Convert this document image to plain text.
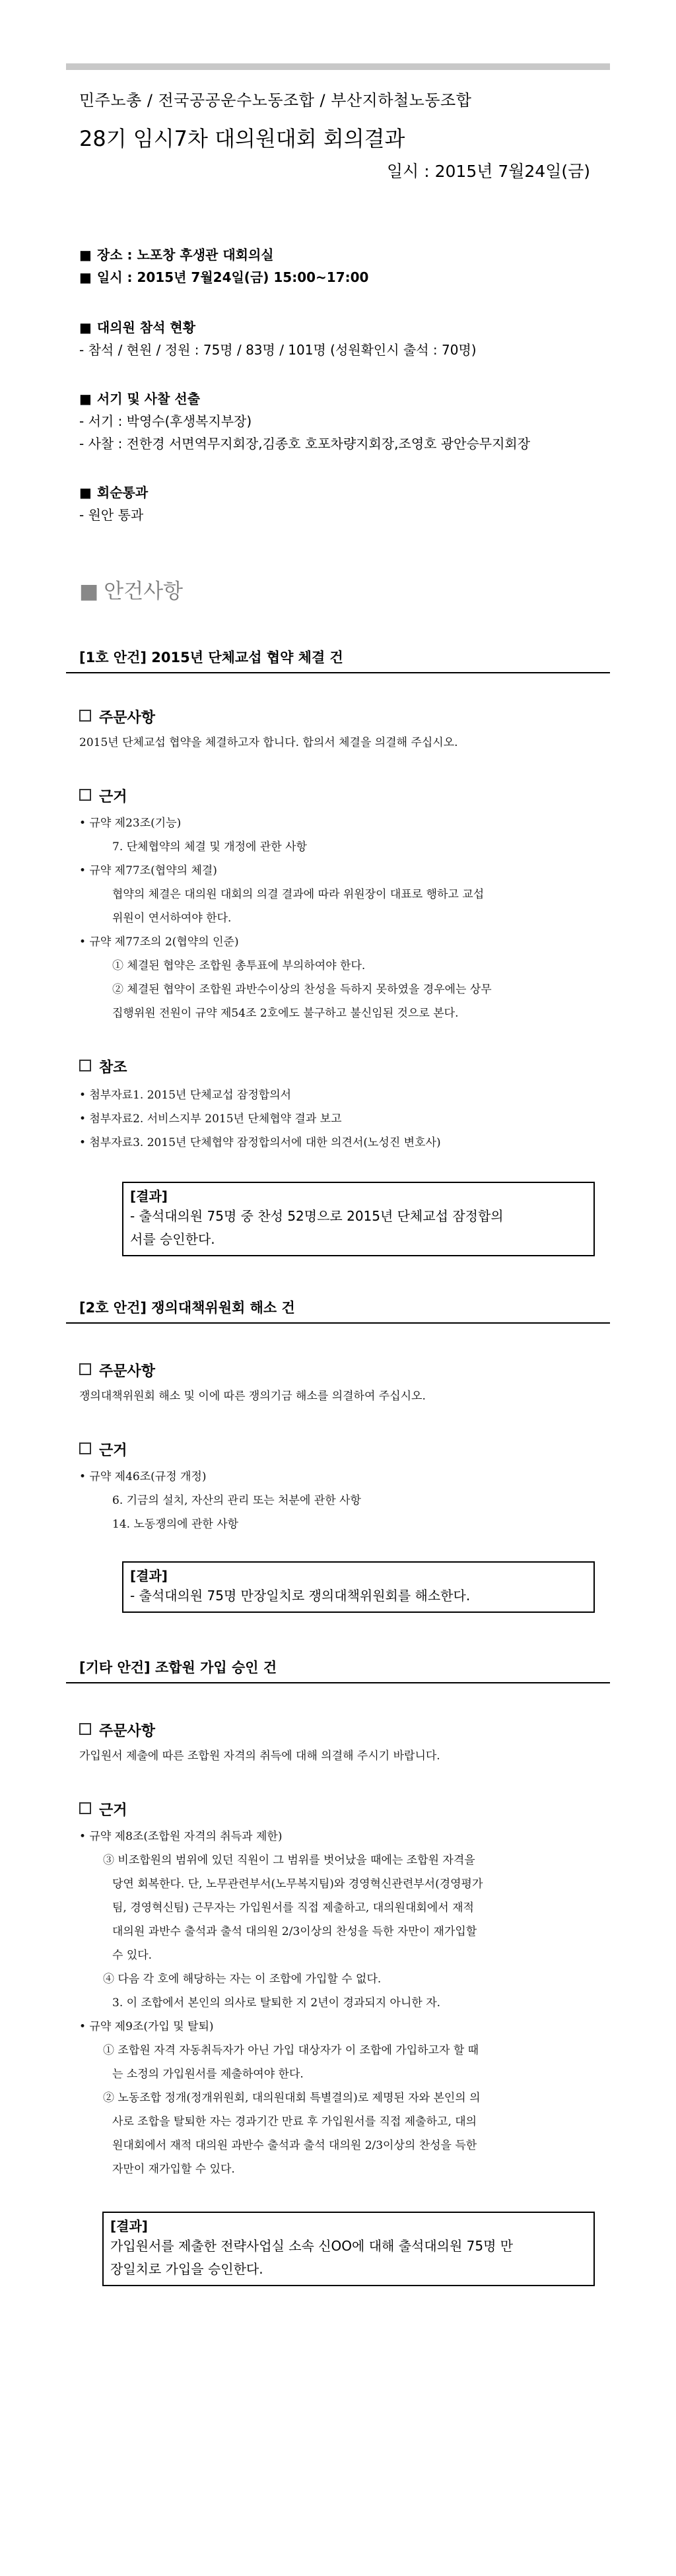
민주노총 / 전국공공운수노동조합 / 부산지하철노동조합
28기 임시7차 대의원대회 회의결과
일시 : 2015년 7월24일(금)
■ 장소 : 노포창 후생관 대회의실
■ 일시 : 2015년 7월24일(금) 15:00~17:00
■ 대의원 참석 현황
- 참석 / 현원 / 정원 : 75명 / 83명 / 101명 (성원확인시 출석 : 70명)
■ 서기 및 사찰 선출
- 서기 : 박영수(후생복지부장)
- 사찰 : 전한경 서면역무지회장,김종호 호포차량지회장,조영호 광안승무지회장
■ 회순통과
- 원안 통과
■ 안건사항
[1호 안건] 2015년 단체교섭 협약 체결 건
주문사항
2015년 단체교섭 협약을 체결하고자 합니다. 합의서 체결을 의결해 주십시오.
근거
• 규약 제23조(기능)
7. 단체협약의 체결 및 개정에 관한 사항
• 규약 제77조(협약의 체결)
협약의 체결은 대의원 대회의 의결 결과에 따라 위원장이 대표로 행하고 교섭
위원이 연서하여야 한다.
• 규약 제77조의 2(협약의 인준)
① 체결된 협약은 조합원 총투표에 부의하여야 한다.
② 체결된 협약이 조합원 과반수이상의 찬성을 득하지 못하였을 경우에는 상무
집행위원 전원이 규약 제54조 2호에도 불구하고 불신임된 것으로 본다.
참조
• 첨부자료1. 2015년 단체교섭 잠정합의서
• 첨부자료2. 서비스지부 2015년 단체협약 결과 보고
• 첨부자료3. 2015년 단체협약 잠정합의서에 대한 의견서(노성진 변호사)
[결과]
- 출석대의원 75명 중 찬성 52명으로 2015년 단체교섭 잠정합의
서를 승인한다.
[2호 안건] 쟁의대책위원회 해소 건
주문사항
쟁의대책위원회 해소 및 이에 따른 쟁의기금 해소를 의결하여 주십시오.
근거
• 규약 제46조(규정 개정)
6. 기금의 설치, 자산의 관리 또는 처분에 관한 사항
14. 노동쟁의에 관한 사항
[결과]
- 출석대의원 75명 만장일치로 쟁의대책위원회를 해소한다.
[기타 안건] 조합원 가입 승인 건
주문사항
가입원서 제출에 따른 조합원 자격의 취득에 대해 의결해 주시기 바랍니다.
근거
• 규약 제8조(조합원 자격의 취득과 제한)
③ 비조합원의 범위에 있던 직원이 그 범위를 벗어났을 때에는 조합원 자격을
당연 회복한다. 단, 노무관련부서(노무복지팀)와 경영혁신관련부서(경영평가
팀, 경영혁신팀) 근무자는 가입원서를 직접 제출하고, 대의원대회에서 재적
대의원 과반수 출석과 출석 대의원 2/3이상의 찬성을 득한 자만이 재가입할
수 있다.
④ 다음 각 호에 해당하는 자는 이 조합에 가입할 수 없다.
3. 이 조합에서 본인의 의사로 탈퇴한 지 2년이 경과되지 아니한 자.
• 규약 제9조(가입 및 탈퇴)
① 조합원 자격 자동취득자가 아닌 가입 대상자가 이 조합에 가입하고자 할 때
는 소정의 가입원서를 제출하여야 한다.
② 노동조합 정개(정개위원회, 대의원대회 특별결의)로 제명된 자와 본인의 의
사로 조합을 탈퇴한 자는 경과기간 만료 후 가입원서를 직접 제출하고, 대의
원대회에서 재적 대의원 과반수 출석과 출석 대의원 2/3이상의 찬성을 득한
자만이 재가입할 수 있다.
[결과]
가입원서를 제출한 전략사업실 소속 신OO에 대해 출석대의원 75명 만
장일치로 가입을 승인한다.
